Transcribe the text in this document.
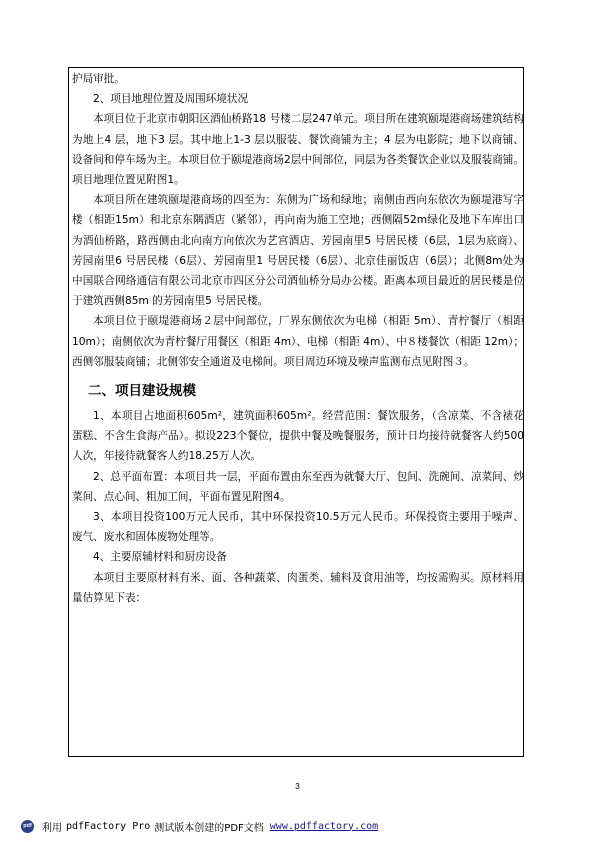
护局审批。

2、项目地理位置及周围环境状况

本项目位于北京市朝阳区酒仙桥路18 号楼二层247单元。项目所在建筑颐堤港商场建筑结构为地上4 层，地下3 层。其中地上1-3 层以服装、餐饮商铺为主；4 层为电影院；地下以商铺、设备间和停车场为主。本项目位于颐堤港商场2层中间部位，同层为各类餐饮企业以及服装商铺。项目地理位置见附图1。

本项目所在建筑颐堤港商场的四至为：东侧为广场和绿地；南侧由西向东依次为颐堤港写字楼（相距15m）和北京东隅酒店（紧邻），再向南为施工空地；西侧隔52m绿化及地下车库出口为酒仙桥路，路西侧由北向南方向依次为艺宫酒店、芳园南里5 号居民楼（6层，1层为底商）、芳园南里6 号居民楼（6层）、芳园南里1 号居民楼（6层）、北京佳丽饭店（6层）；北侧8m处为中国联合网络通信有限公司北京市四区分公司酒仙桥分局办公楼。距离本项目最近的居民楼是位于建筑西侧85m 的芳园南里5 号居民楼。

本项目位于颐堤港商场２层中间部位，厂界东侧依次为电梯（相距 5m）、青柠餐厅（相距 10m）；南侧依次为青柠餐厅用餐区（相距 4m）、电梯（相距 4m）、中８楼餐饮（相距 12m）；西侧邻服装商铺；北侧邻安全通道及电梯间。项目周边环境及噪声监测布点见附图３。

二、项目建设规模

1、本项目占地面积605m²，建筑面积605m²。经营范围：餐饮服务，（含凉菜、不含裱花蛋糕、不含生食海产品）。拟设223个餐位，提供中餐及晚餐服务，预计日均接待就餐客人约500人次，年接待就餐客人约18.25万人次。

2、总平面布置：本项目共一层，平面布置由东至西为就餐大厅、包间、洗碗间、凉菜间、炒菜间、点心间、粗加工间，平面布置见附图4。

3、本项目投资100万元人民币，其中环保投资10.5万元人民币。环保投资主要用于噪声、废气、废水和固体废物处理等。

4、主要原辅材料和厨房设备

本项目主要原材料有米、面、各种蔬菜、肉蛋类、辅料及食用油等，均按需购买。原材料用量估算见下表：

3
pdf 利用 pdfFactory Pro 测试版本创建的PDF文档 www.pdffactory.com
